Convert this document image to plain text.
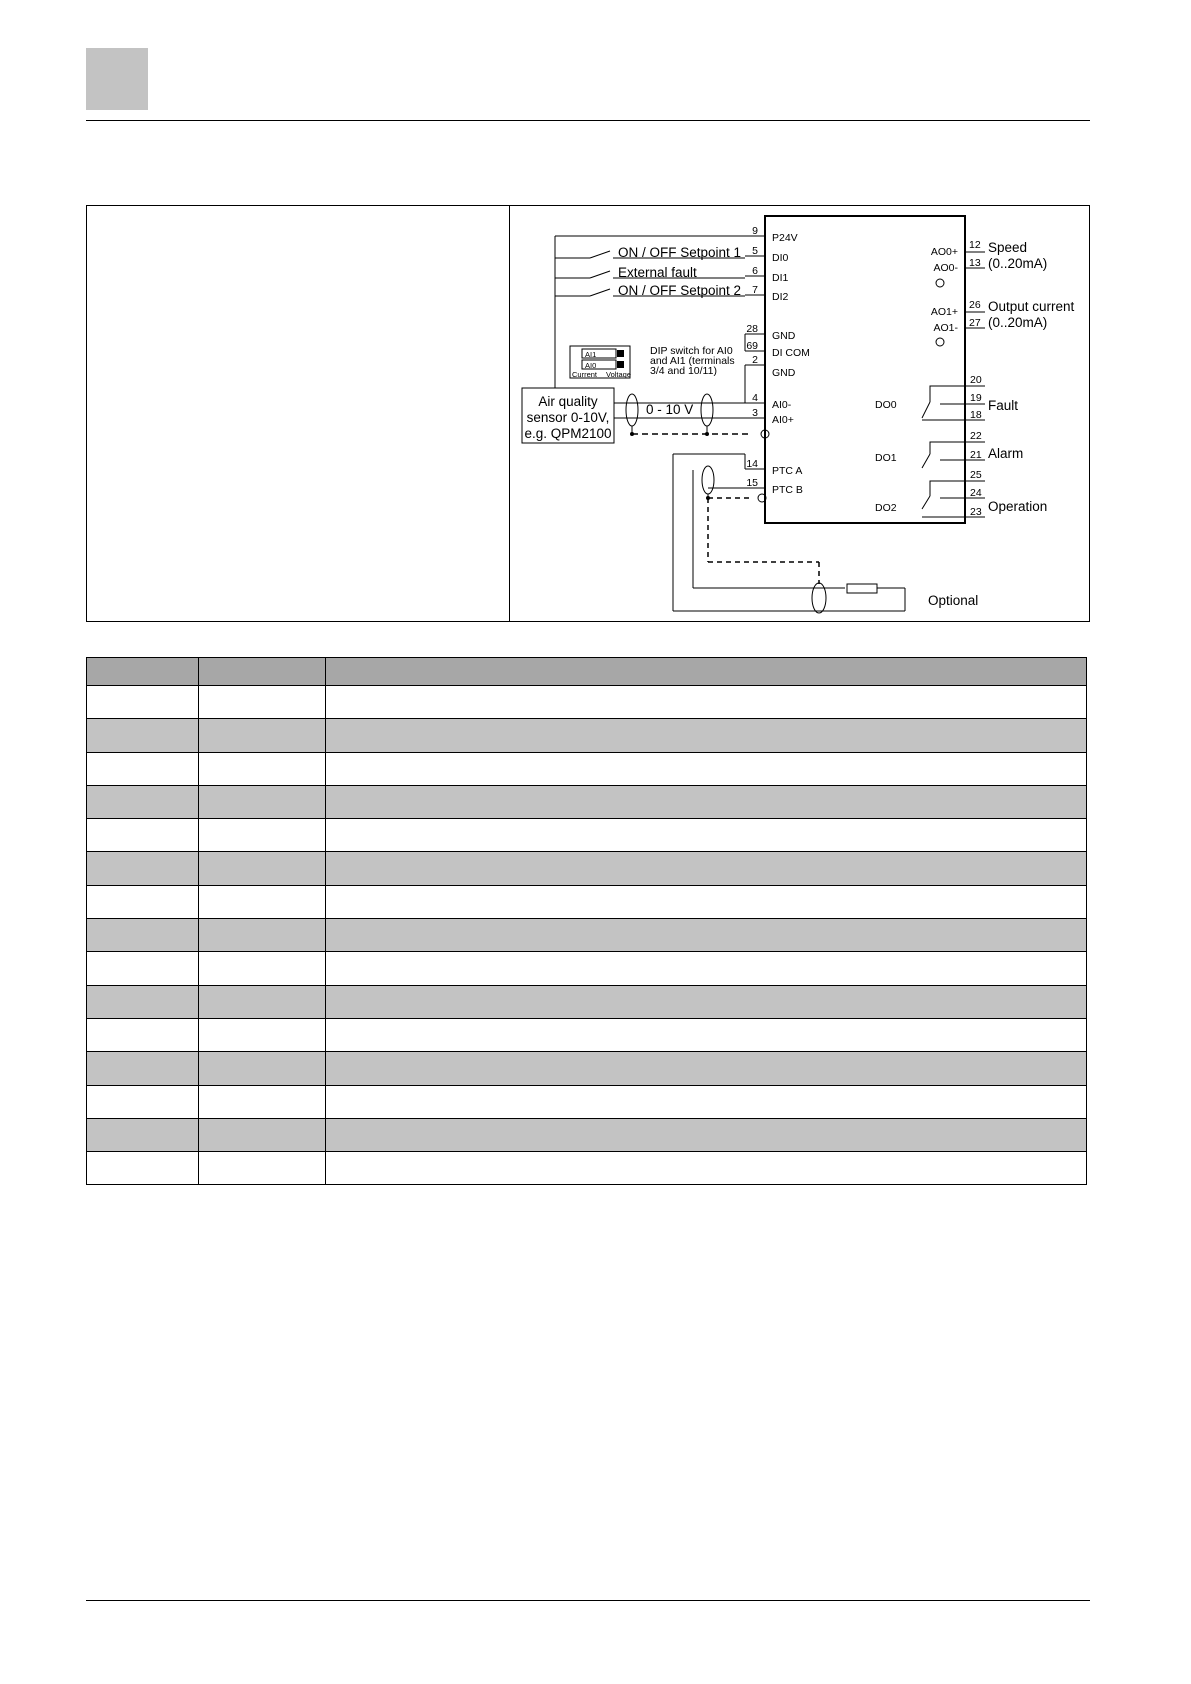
ON / OFF Setpoint 1
External fault
ON / OFF Setpoint 2
Air quality
sensor 0-10V,
e.g. QPM2100
0 - 10 V
AI1
AI0
Current Voltage
DIP switch for AI0
and AI1 (terminals
3/4 and 10/11)
9
5
6
7
28
69
2
4
3
14
15
P24V
DI0
DI1
DI2
GND
DI COM
GND
AI0-
AI0+
PTC A
PTC B
AO0+
AO0-
12
13
AO1+
AO1-
26
27
DO0
DO1
DO2
20
19
18
22
21
25
24
23
Speed
(0..20mA)
Output current
(0..20mA)
Fault
Alarm
Operation
Optional
